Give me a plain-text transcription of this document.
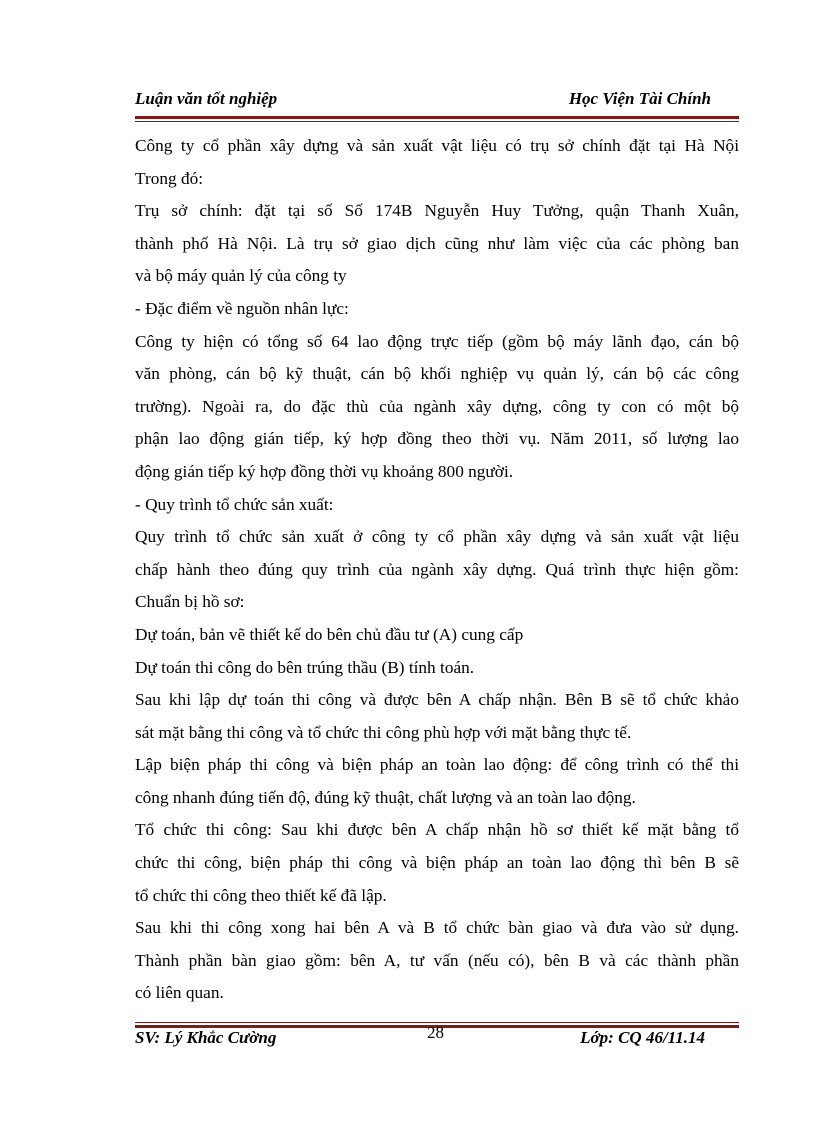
Luận văn tốt nghiệp	Học Viện Tài Chính
Công ty cổ phần xây dựng và sản xuất vật liệu có trụ sở chính đặt tại Hà Nội
Trong đó:
Trụ sở chính: đặt tại số Số 174B Nguyễn Huy Tưởng, quận Thanh Xuân,
thành phố Hà Nội. Là trụ sở giao dịch cũng như làm việc của các phòng ban
và bộ máy quản lý của công ty
- Đặc điểm về nguồn nhân lực:
Công ty hiện có tổng số 64 lao động trực tiếp (gồm bộ máy lãnh đạo, cán bộ
văn phòng, cán bộ kỹ thuật, cán bộ khối nghiệp vụ quản lý, cán bộ các công
trường). Ngoài ra, do đặc thù của ngành xây dựng, công ty con có một bộ
phận lao động gián tiếp, ký hợp đồng theo thời vụ. Năm 2011, số lượng lao
động gián tiếp ký hợp đồng thời vụ khoảng 800 người.
- Quy trình tổ chức sản xuất:
Quy trình tổ chức sản xuất ở công ty cổ phần xây dựng và sản xuất vật liệu
chấp hành theo đúng quy trình của ngành xây dựng. Quá trình thực hiện gồm:
Chuẩn bị hồ sơ:
Dự toán, bản vẽ thiết kế do bên chủ đầu tư (A) cung cấp
Dự toán thi công do bên trúng thầu (B) tính toán.
Sau khi lập dự toán thi công và được bên A chấp nhận. Bên B sẽ tổ chức khảo
sát mặt bằng thi công và tổ chức thi công phù hợp với mặt bằng thực tế.
Lập biện pháp thi công và biện pháp an toàn lao động: để công trình có thể thi
công nhanh đúng tiến độ, đúng kỹ thuật, chất lượng và an toàn lao động.
Tổ chức thi công: Sau khi được bên A chấp nhận hồ sơ thiết kế mặt bằng tổ
chức thi công, biện pháp thi công và biện pháp an toàn lao động thì bên B sẽ
tổ chức thi công theo thiết kế đã lập.
Sau khi thi công xong hai bên A và B tổ chức bàn giao và đưa vào sử dụng.
Thành phần bàn giao gồm: bên A, tư vấn (nếu có), bên B và các thành phần
có liên quan.
SV: Lý Khắc Cường	28	Lớp: CQ 46/11.14
